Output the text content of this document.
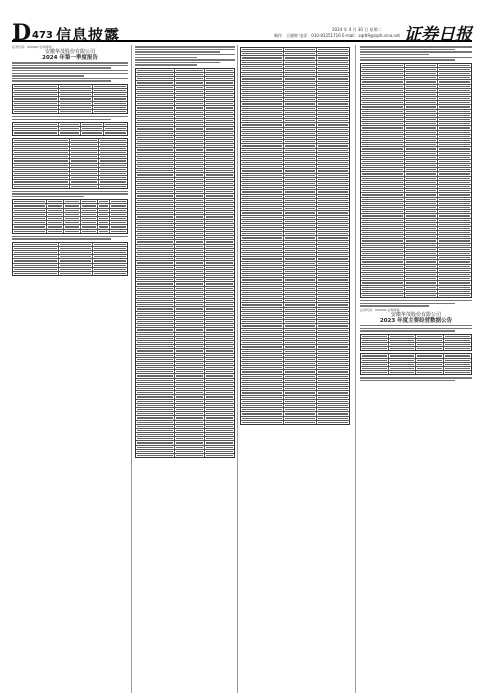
D 473 信息披露	2024 年 4 月 30 日 星期二
制作：王晓婷 电话：010-83251716 E-mail：zqrb9@zqrb.sina.net 证券日报
证券代码：000000 证券简称：
安徽华茂股份有限公司
2024 年第一季度报告
证券代码：000000 证券简称：
安徽华茂股份有限公司
2023 年度主要经营数据公告
